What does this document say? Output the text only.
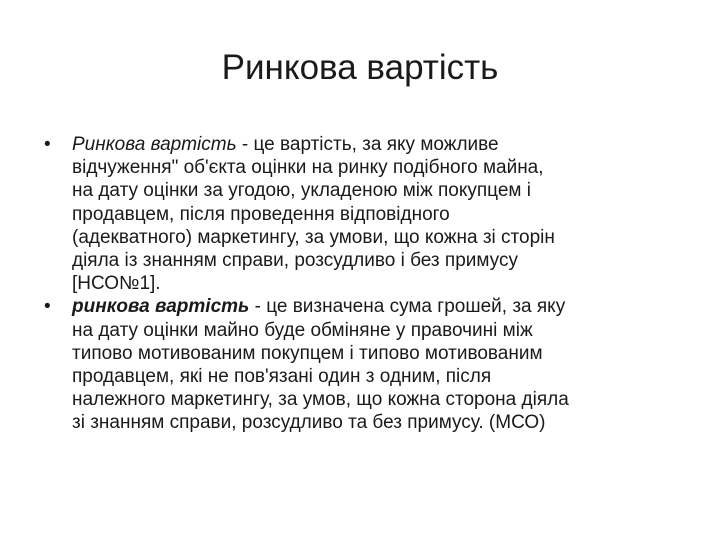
Ринкова вартість
•	Ринкова вартість - це вартість, за яку можливе
відчуження" об'єкта оцінки на ринку подібного майна,
на дату оцінки за угодою, укладеною між покупцем і
продавцем, після проведення відповідного
(адекватного) маркетингу, за умови, що кожна зі сторін
діяла із знанням справи, розсудливо і без примусу
[НСО№1].
•	ринкова вартість - це визначена сума грошей, за яку
на дату оцінки майно буде обміняне у правочині між
типово мотивованим покупцем і типово мотивованим
продавцем, які не пов'язані один з одним, після
належного маркетингу, за умов, що кожна сторона діяла
зі знанням справи, розсудливо та без примусу. (МСО)
